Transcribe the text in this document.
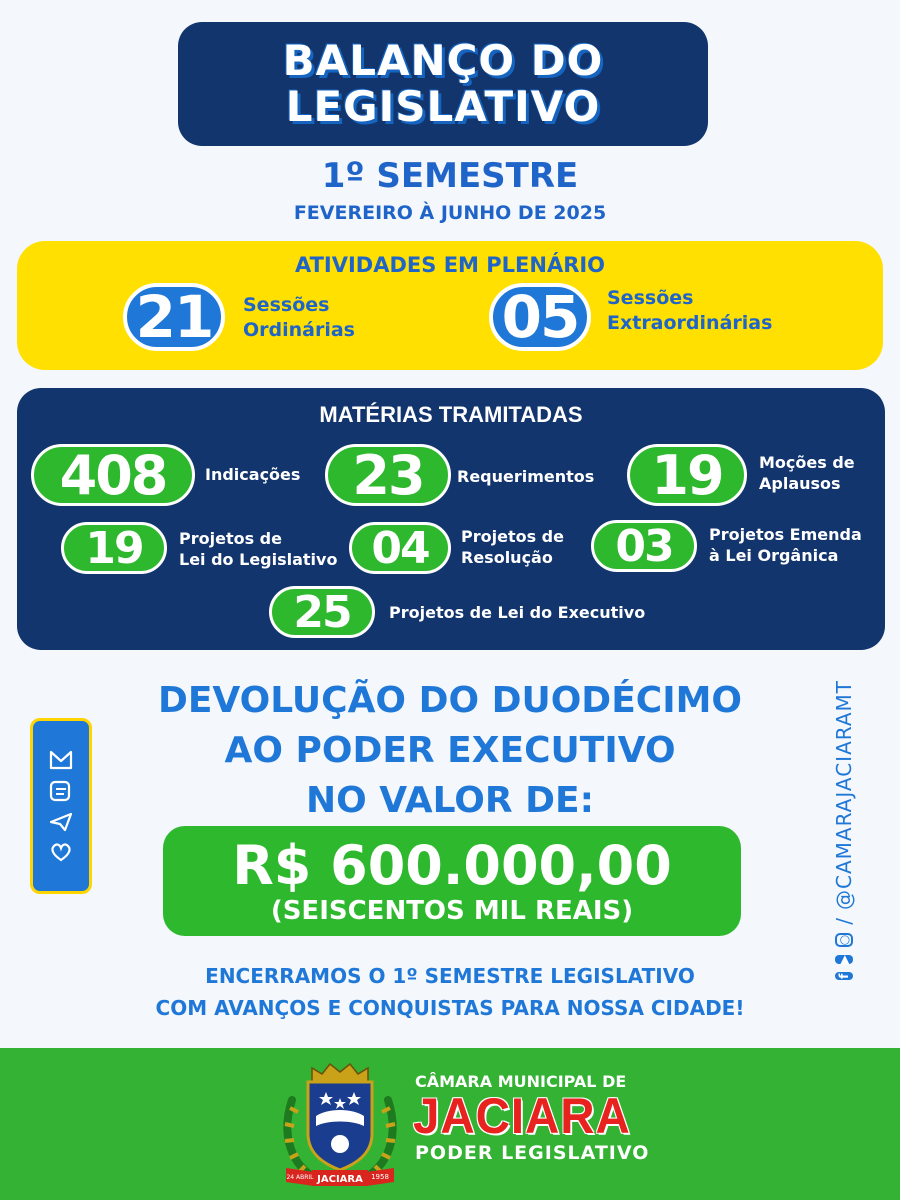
BALANÇO DO
LEGISLATIVO
1º SEMESTRE
FEVEREIRO À JUNHO DE 2025
ATIVIDADES EM PLENÁRIO
21	Sessões
Ordinárias	05	Sessões
Extraordinárias
MATÉRIAS TRAMITADAS
408	Indicações 23	Requerimentos	19	Moções de
Aplausos
19	Projetos de
Lei do Legislativo 04	Projetos de
Resolução	03	Projetos Emenda
à Lei Orgânica
25	Projetos de Lei do Executivo
DEVOLUÇÃO DO DUODÉCIMO
AO PODER EXECUTIVO
NO VALOR DE:
R$ 600.000,00
(SEISCENTOS MIL REAIS)
ENCERRAMOS O 1º SEMESTRE LEGISLATIVO
COM AVANÇOS E CONQUISTAS PARA NOSSA CIDADE!
f
▶
○
/
@CAMARAJACIARAMT
JACIARA
24 ABRIL	1958
CÂMARA MUNICIPAL DE
JACIARA
PODER LEGISLATIVO
